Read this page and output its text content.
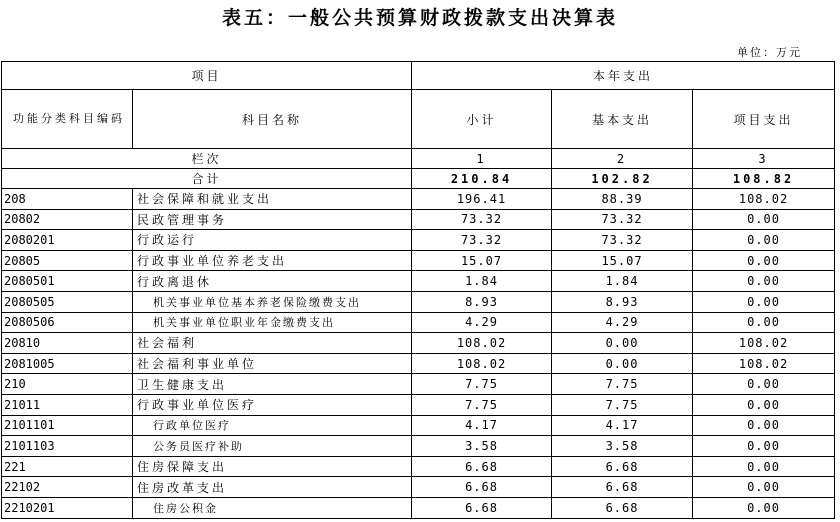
表五：一般公共预算财政拨款支出决算表
单位：万元
项目		本年支出		
功能分类科目编码	科目名称	小计	基本支出	项目支出
栏次		1	2	3
合计		210.84	102.82	108.82
208	社会保障和就业支出	196.41	88.39	108.02
20802	民政管理事务	73.32	73.32	0.00
2080201	行政运行	73.32	73.32	0.00
20805	行政事业单位养老支出	15.07	15.07	0.00
2080501	行政离退休	1.84	1.84	0.00
2080505	机关事业单位基本养老保险缴费支出	8.93	8.93	0.00
2080506	机关事业单位职业年金缴费支出	4.29	4.29	0.00
20810	社会福利	108.02	0.00	108.02
2081005	社会福利事业单位	108.02	0.00	108.02
210	卫生健康支出	7.75	7.75	0.00
21011	行政事业单位医疗	7.75	7.75	0.00
2101101	行政单位医疗	4.17	4.17	0.00
2101103	公务员医疗补助	3.58	3.58	0.00
221	住房保障支出	6.68	6.68	0.00
22102	住房改革支出	6.68	6.68	0.00
2210201	住房公积金	6.68	6.68	0.00
